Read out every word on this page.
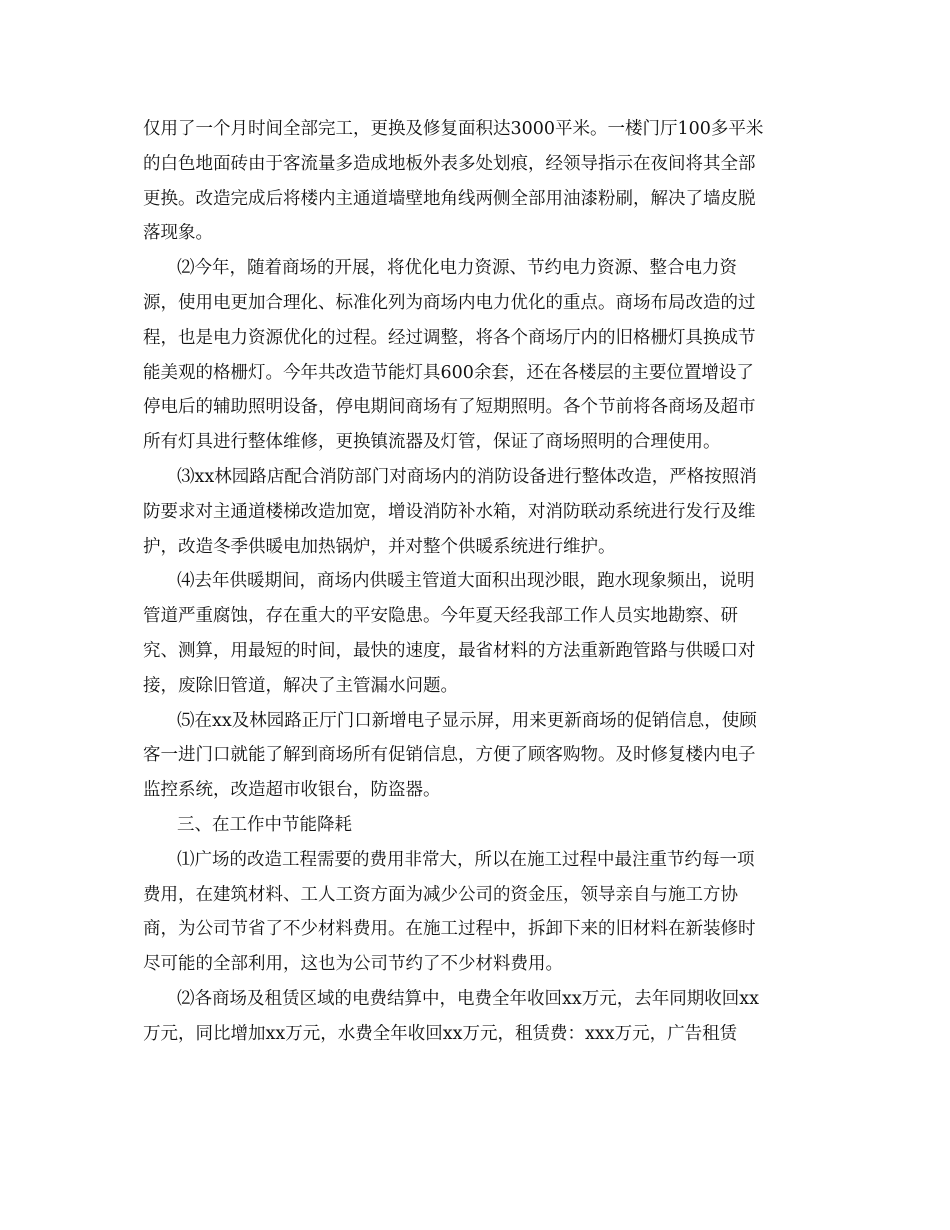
仅用了一个月时间全部完工，更换及修复面积达3000平米。一楼门厅100多平米
的白色地面砖由于客流量多造成地板外表多处划痕，经领导指示在夜间将其全部
更换。改造完成后将楼内主通道墙壁地角线两侧全部用油漆粉刷，解决了墙皮脱
落现象。
⑵今年，随着商场的开展，将优化电力资源、节约电力资源、整合电力资
源，使用电更加合理化、标准化列为商场内电力优化的重点。商场布局改造的过
程，也是电力资源优化的过程。经过调整，将各个商场厅内的旧格栅灯具换成节
能美观的格栅灯。今年共改造节能灯具600余套，还在各楼层的主要位置增设了
停电后的辅助照明设备，停电期间商场有了短期照明。各个节前将各商场及超市
所有灯具进行整体维修，更换镇流器及灯管，保证了商场照明的合理使用。
⑶xx林园路店配合消防部门对商场内的消防设备进行整体改造，严格按照消
防要求对主通道楼梯改造加宽，增设消防补水箱，对消防联动系统进行发行及维
护，改造冬季供暖电加热锅炉，并对整个供暖系统进行维护。
⑷去年供暖期间，商场内供暖主管道大面积出现沙眼，跑水现象频出，说明
管道严重腐蚀，存在重大的平安隐患。今年夏天经我部工作人员实地勘察、研
究、测算，用最短的时间，最快的速度，最省材料的方法重新跑管路与供暖口对
接，废除旧管道，解决了主管漏水问题。
⑸在xx及林园路正厅门口新增电子显示屏，用来更新商场的促销信息，使顾
客一进门口就能了解到商场所有促销信息，方便了顾客购物。及时修复楼内电子
监控系统，改造超市收银台，防盗器。
三、在工作中节能降耗
⑴广场的改造工程需要的费用非常大，所以在施工过程中最注重节约每一项
费用，在建筑材料、工人工资方面为减少公司的资金压，领导亲自与施工方协
商，为公司节省了不少材料费用。在施工过程中，拆卸下来的旧材料在新装修时
尽可能的全部利用，这也为公司节约了不少材料费用。
⑵各商场及租赁区域的电费结算中，电费全年收回xx万元，去年同期收回xx
万元，同比增加xx万元，水费全年收回xx万元，租赁费：xxx万元，广告租赁
